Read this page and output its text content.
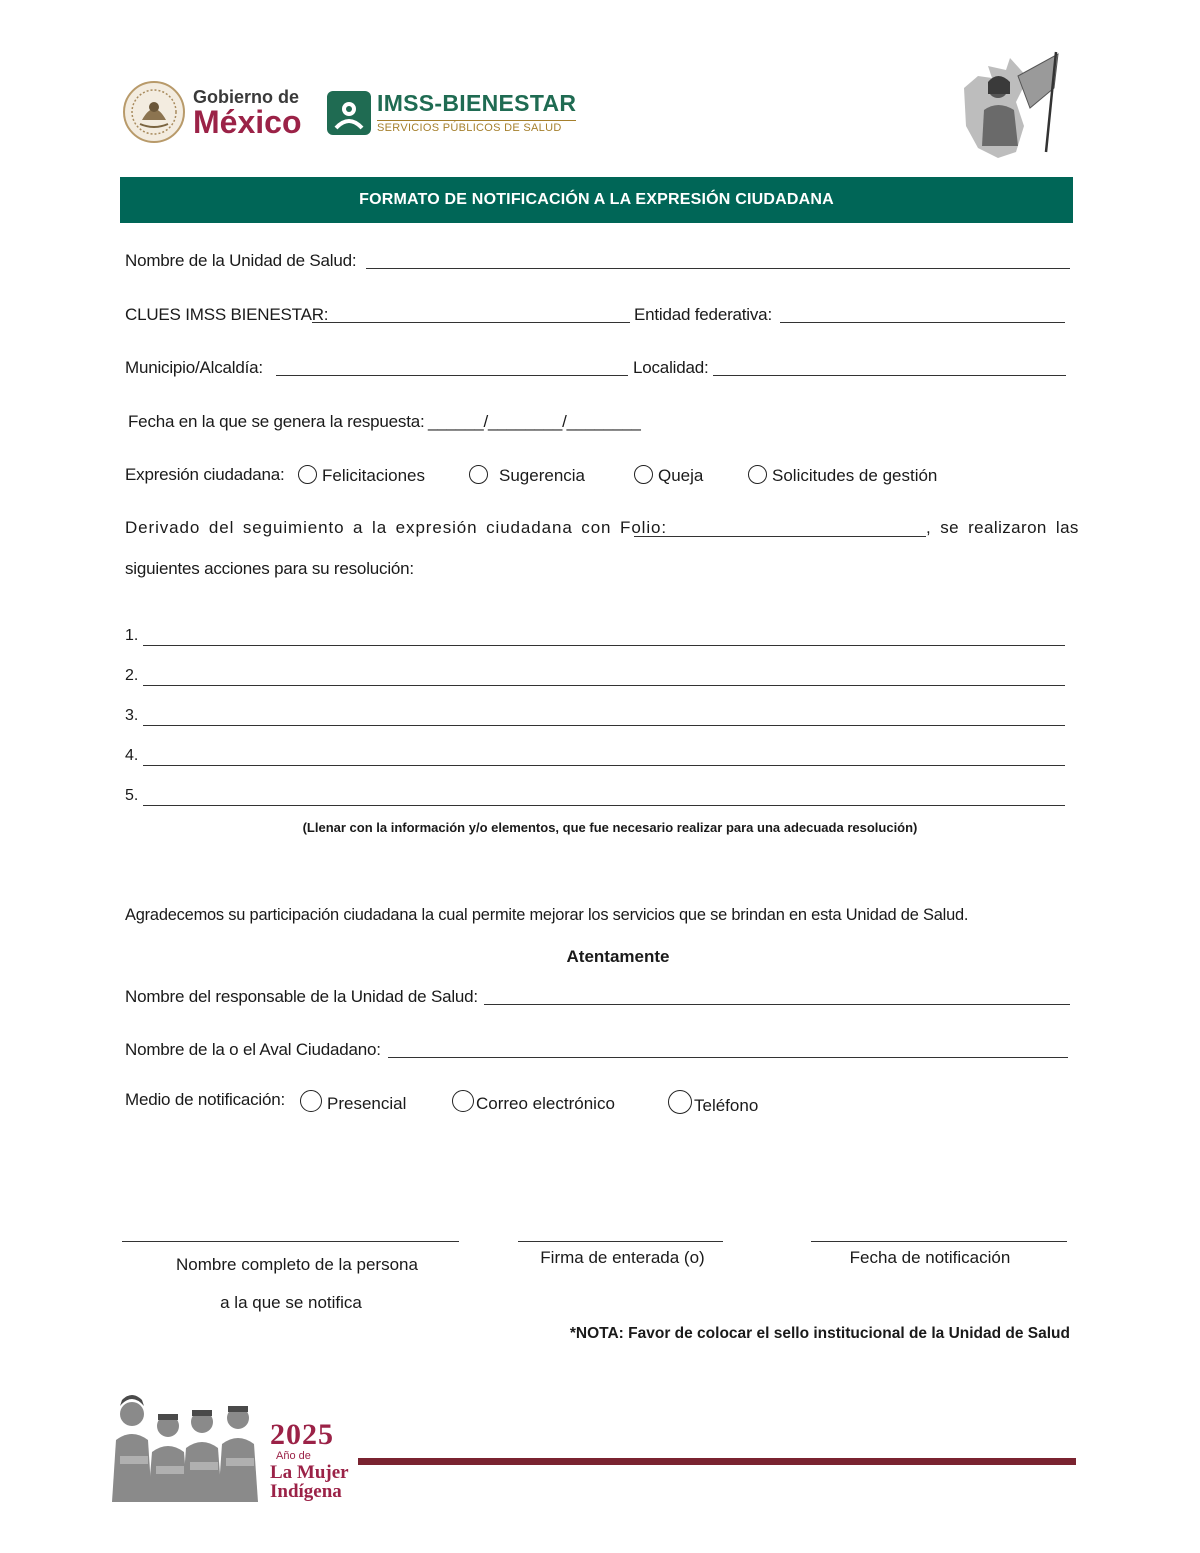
Gobierno de
México
IMSS-BIENESTAR
SERVICIOS PÚBLICOS DE SALUD
FORMATO DE NOTIFICACIÓN A LA EXPRESIÓN CIUDADANA
Nombre de la Unidad de Salud:
CLUES IMSS BIENESTAR:	Entidad federativa:
Municipio/Alcaldía:	Localidad:
Fecha en la que se genera la respuesta: ______/________/________
Expresión ciudadana:	Felicitaciones	Sugerencia	Queja	Solicitudes de gestión
Derivado del seguimiento a la expresión ciudadana con Folio:	, se realizaron las
siguientes acciones para su resolución:
1.
2.
3.
4.
5.
(Llenar con la información y/o elementos, que fue necesario realizar para una adecuada resolución)
Agradecemos su participación ciudadana la cual permite mejorar los servicios que se brindan en esta Unidad de Salud.
Atentamente
Nombre del responsable de la Unidad de Salud:
Nombre de la o el Aval Ciudadano:
Medio de notificación:	Presencial	Correo electrónico	Teléfono
Nombre completo de la persona
a la que se notifica
Firma de enterada (o)	Fecha de notificación
*NOTA: Favor de colocar el sello institucional de la Unidad de Salud
2025
Año de
La Mujer
Indígena
